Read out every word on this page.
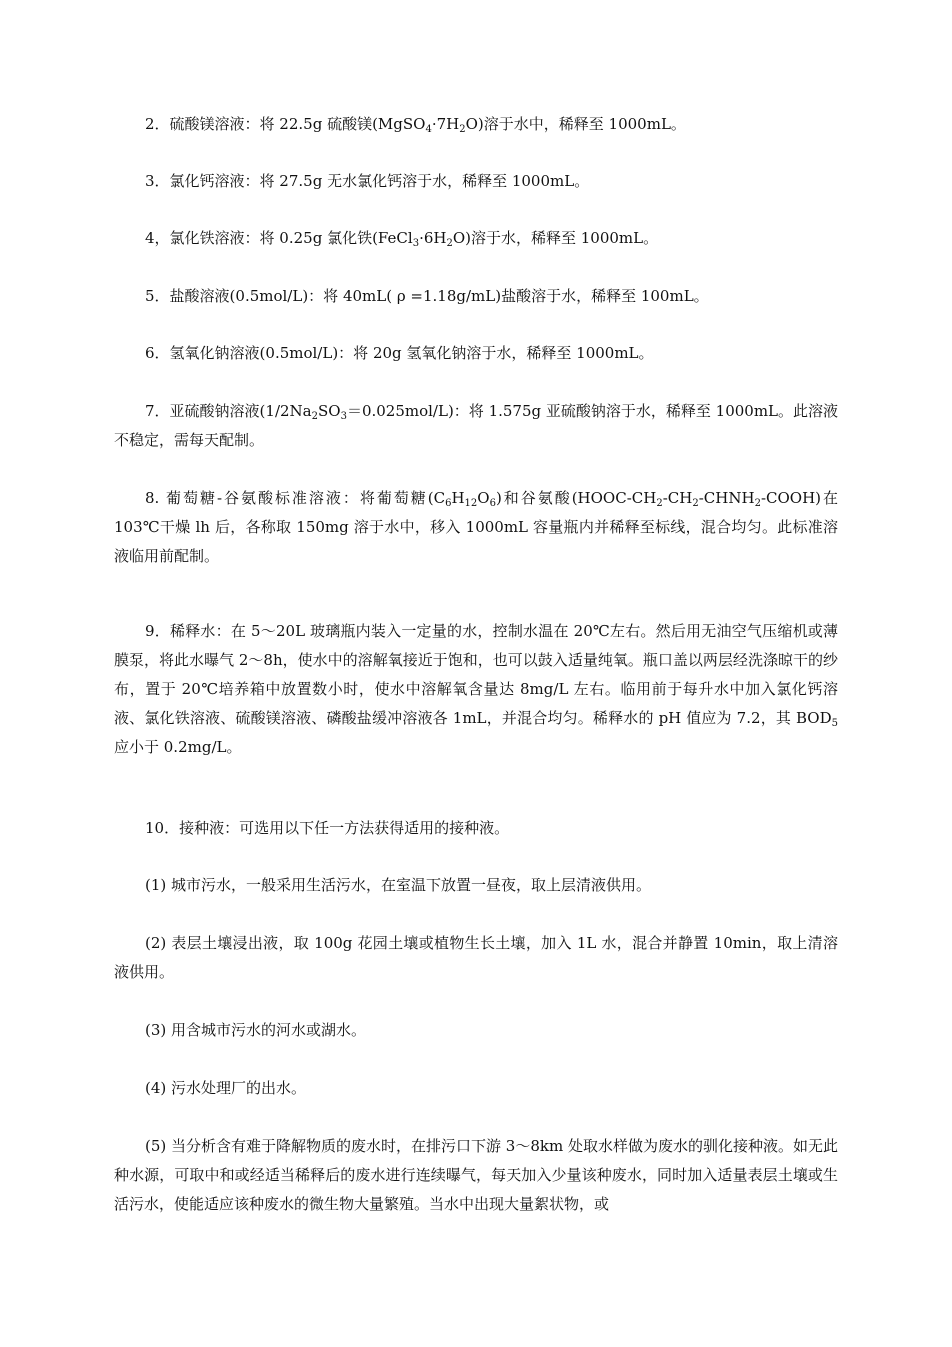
2．硫酸镁溶液：将 22.5g 硫酸镁$(MgSO_4\cdot 7H_2O)$溶于水中，稀释至 1000mL。

3．氯化钙溶液：将 27.5g 无水氯化钙溶于水，稀释至 1000mL。

4，氯化铁溶液：将 0.25g 氯化铁$(FeCl_3\cdot 6H_2O)$溶于水，稀释至 1000mL。

5．盐酸溶液(0.5mol/L)：将 40mL( ρ =1.18g/mL)盐酸溶于水，稀释至 100mL。

6．氢氧化钠溶液(0.5mol/L)：将 20g 氢氧化钠溶于水，稀释至 1000mL。

7．亚硫酸钠溶液$(1/2Na_2SO_3=0.025mol/L)$：将 1.575g 亚硫酸钠溶于水，稀释至 1000mL。此溶液不稳定，需每天配制。

8. 葡萄糖-谷氨酸标准溶液：将葡萄糖$(C_6H_{12}O_6)$和谷氨酸$(HOOC-CH_2-CH_2-CHNH_2-COOH)$在 103℃干燥 lh 后，各称取 150mg 溶于水中，移入 1000mL 容量瓶内并稀释至标线，混合均匀。此标准溶液临用前配制。

9．稀释水：在 5～20L 玻璃瓶内装入一定量的水，控制水温在 20℃左右。然后用无油空气压缩机或薄膜泵，将此水曝气 2～8h，使水中的溶解氧接近于饱和，也可以鼓入适量纯氧。瓶口盖以两层经洗涤晾干的纱布，置于 20℃培养箱中放置数小时，使水中溶解氧含量达 8mg/L 左右。临用前于每升水中加入氯化钙溶液、氯化铁溶液、硫酸镁溶液、磷酸盐缓冲溶液各 1mL，并混合均匀。稀释水的 pH 值应为 7.2，其 $BOD_5$应小于 0.2mg/L。

10．接种液：可选用以下任一方法获得适用的接种液。

(1) 城市污水，一般采用生活污水，在室温下放置一昼夜，取上层清液供用。

(2) 表层土壤浸出液，取 100g 花园土壤或植物生长土壤，加入 1L 水，混合并静置 10min，取上清溶液供用。

(3) 用含城市污水的河水或湖水。

(4) 污水处理厂的出水。

(5) 当分析含有难于降解物质的废水时，在排污口下游 3～8km 处取水样做为废水的驯化接种液。如无此种水源，可取中和或经适当稀释后的废水进行连续曝气，每天加入少量该种废水，同时加入适量表层土壤或生活污水，使能适应该种废水的微生物大量繁殖。当水中出现大量絮状物，或
